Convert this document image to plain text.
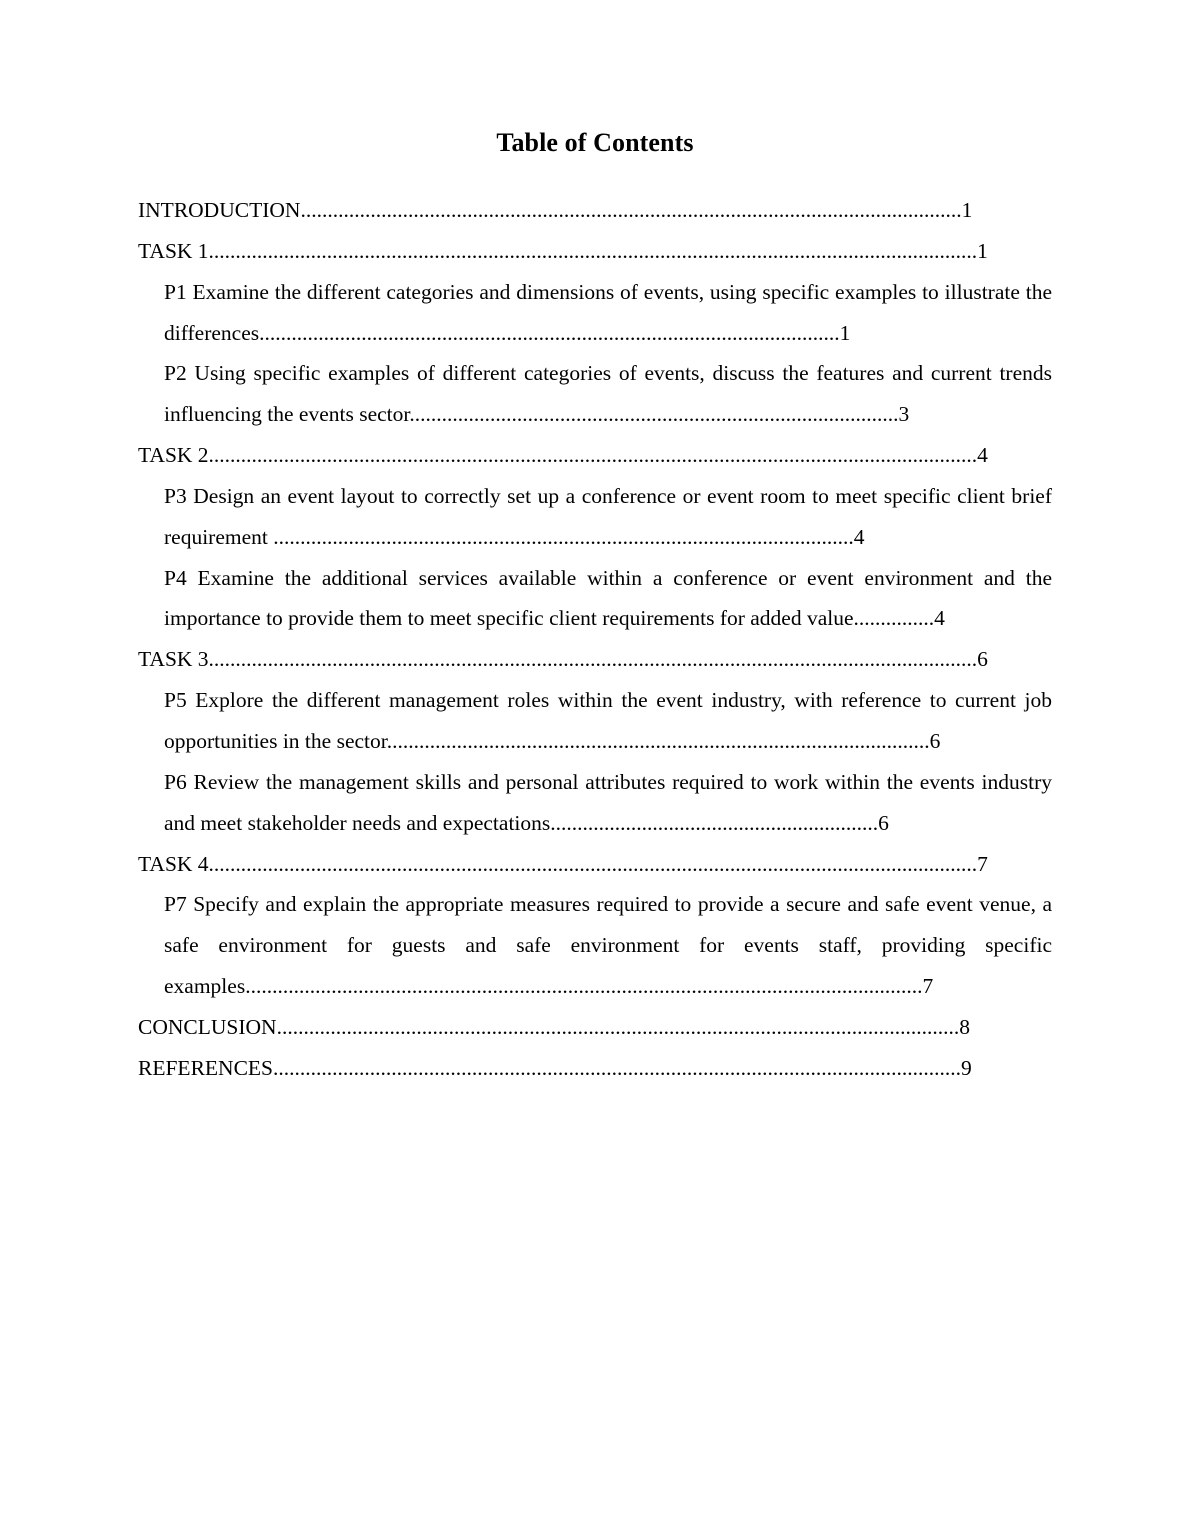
Table of Contents

INTRODUCTION...........................................................................................................................1

TASK 1...............................................................................................................................................1

P1 Examine the different categories and dimensions of events, using specific examples to illustrate the differences............................................................................................................1

P2 Using specific examples of different categories of events, discuss the features and current trends influencing the events sector...........................................................................................3

TASK 2...............................................................................................................................................4

P3 Design an event layout to correctly set up a conference or event room to meet specific client brief requirement ............................................................................................................4

P4 Examine the additional services available within a conference or event environment and the importance to provide them to meet specific client requirements for added value...............4

TASK 3...............................................................................................................................................6

P5 Explore the different management roles within the event industry, with reference to current job opportunities in the sector.....................................................................................................6

P6 Review the management skills and personal attributes required to work within the events industry and meet stakeholder needs and expectations.............................................................6

TASK 4...............................................................................................................................................7

P7 Specify and explain the appropriate measures required to provide a secure and safe event venue, a safe environment for guests and safe environment for events staff, providing specific examples..............................................................................................................................7

CONCLUSION...............................................................................................................................8

REFERENCES................................................................................................................................9
